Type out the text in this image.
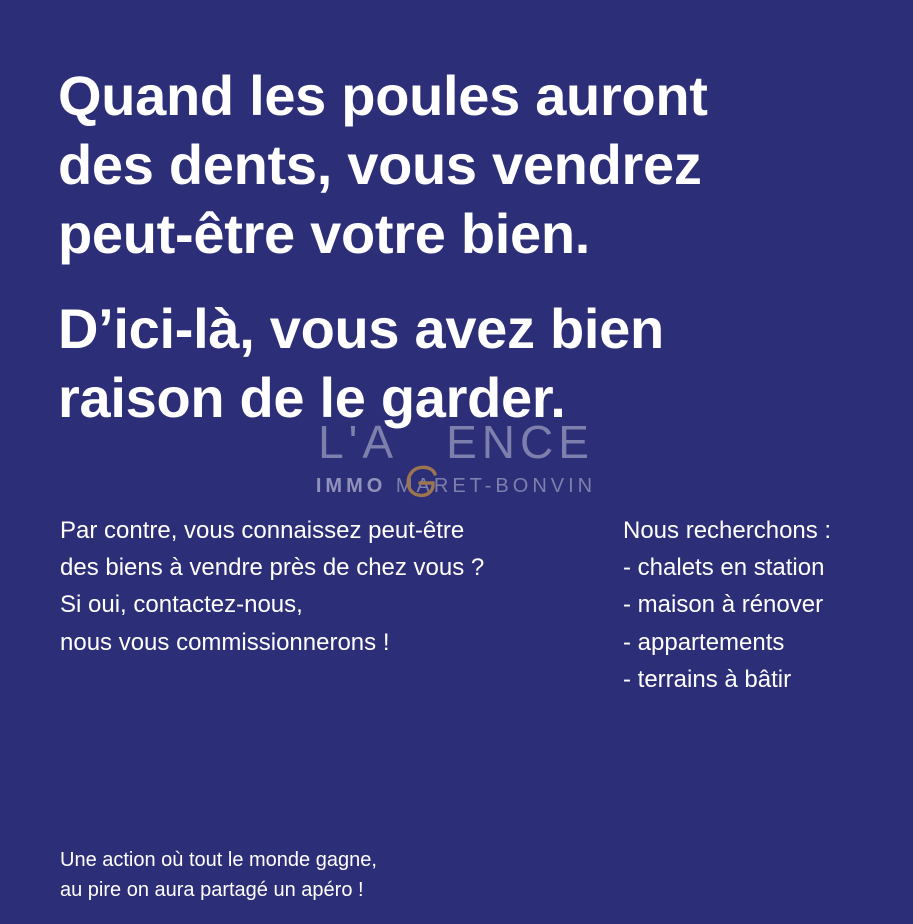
Quand les poules auront
des dents, vous vendrez
peut-être votre bien.
D’ici-là, vous avez bien
raison de le garder.
L'A ENCE
IMMO MARET-BONVIN
Par contre, vous connaissez peut-être
des biens à vendre près de chez vous ?
Si oui, contactez-nous,
nous vous commissionnerons !
Nous recherchons :
- chalets en station
- maison à rénover
- appartements
- terrains à bâtir
Une action où tout le monde gagne,
au pire on aura partagé un apéro !
